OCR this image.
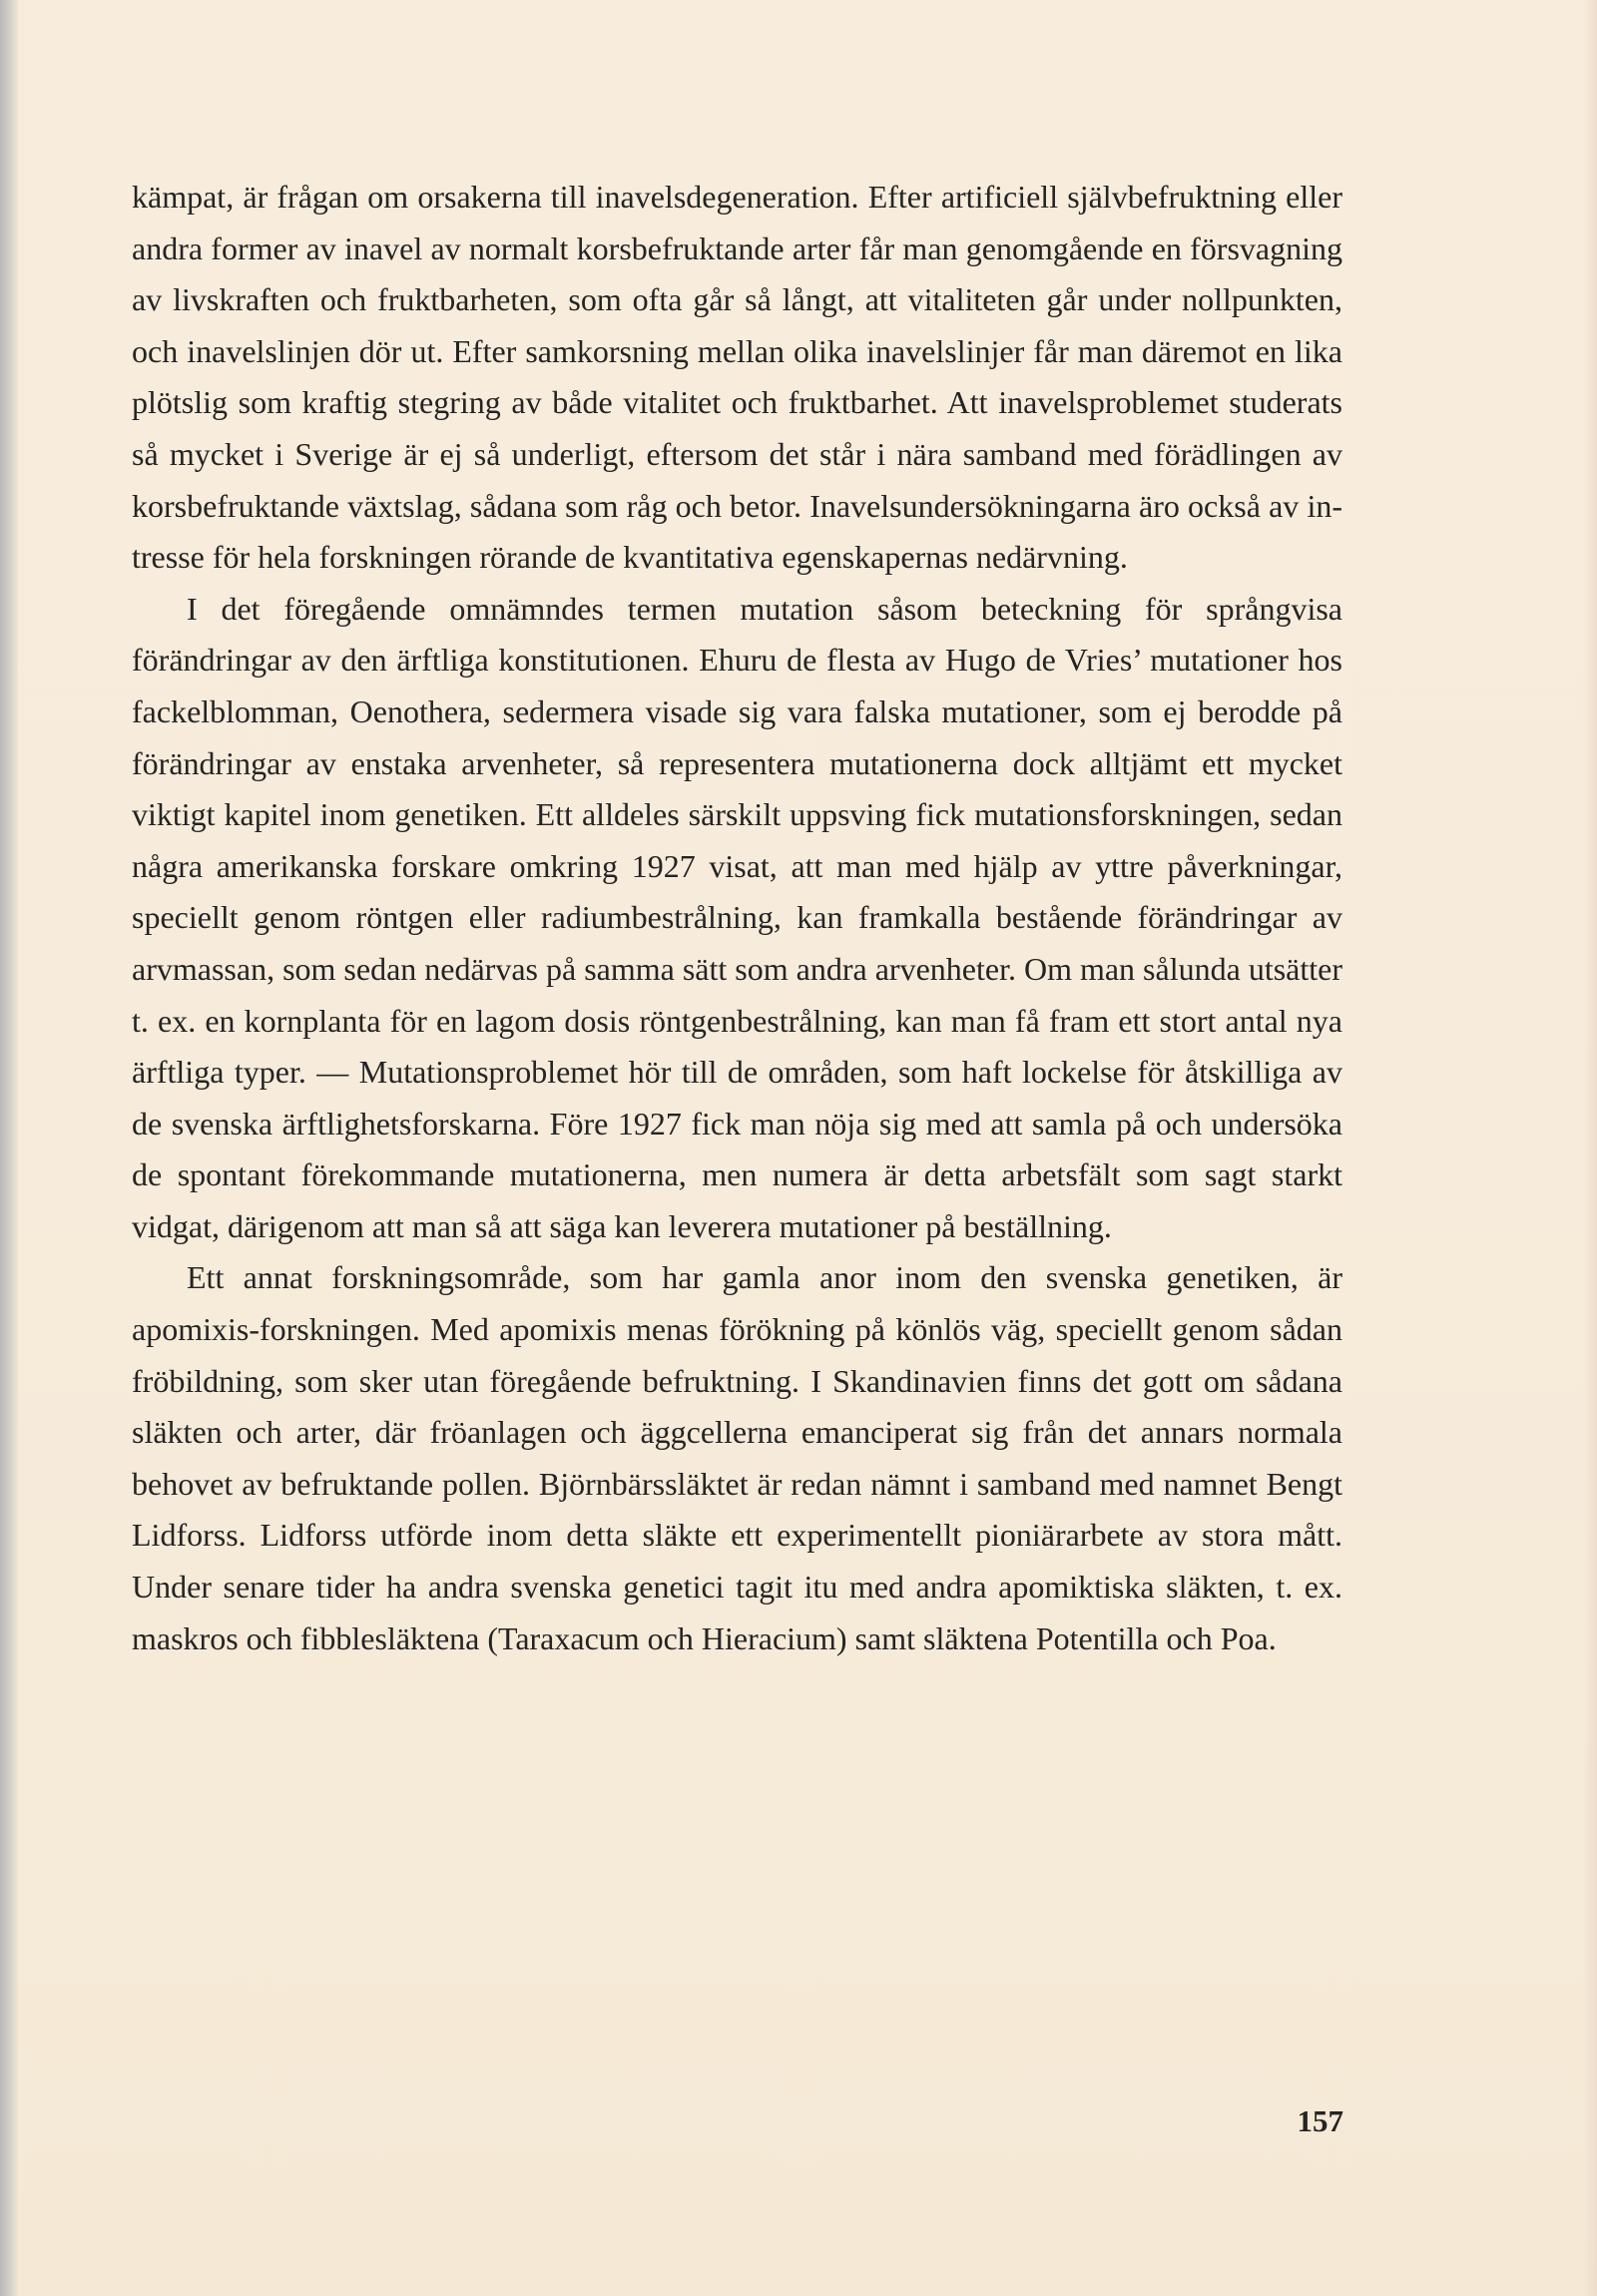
kämpat, är frågan om orsakerna till inavelsdegeneration. Efter artificiell självbefruktning eller andra former av inavel av normalt korsbefruktande arter får man genomgående en försvagning av livskraften och fruktbarheten, som ofta går så långt, att vitaliteten går under nollpunkten, och inavelslinjen dör ut. Efter samkorsning mellan olika inavelslinjer får man däremot en lika plötslig som kraftig stegring av både vitalitet och fruktbarhet. Att inavelsproblemet studerats så mycket i Sverige är ej så underligt, eftersom det står i nära samband med förädlingen av korsbefruktande växtslag, sådana som råg och betor. Inavelsundersökningarna äro också av intresse för hela forskningen rörande de kvantitativa egenskapernas nedärvning.

I det föregående omnämndes termen mutation såsom beteckning för språngvisa förändringar av den ärftliga konstitutionen. Ehuru de flesta av Hugo de Vries’ mutationer hos fackelblomman, Oenothera, sedermera visade sig vara falska mutationer, som ej berodde på förändringar av enstaka arvenheter, så representera mutationerna dock alltjämt ett mycket viktigt kapitel inom genetiken. Ett alldeles särskilt uppsving fick mutationsforskningen, sedan några amerikanska forskare omkring 1927 visat, att man med hjälp av yttre påverkningar, speciellt genom röntgen eller radiumbestrålning, kan framkalla bestående förändringar av arvmassan, som sedan nedärvas på samma sätt som andra arvenheter. Om man sålunda utsätter t. ex. en kornplanta för en lagom dosis röntgenbestrålning, kan man få fram ett stort antal nya ärftliga typer. — Mutationsproblemet hör till de områden, som haft lockelse för åtskilliga av de svenska ärftlighetsforskarna. Före 1927 fick man nöja sig med att samla på och undersöka de spontant förekommande mutationerna, men numera är detta arbetsfält som sagt starkt vidgat, därigenom att man så att säga kan leverera mutationer på beställning.

Ett annat forskningsområde, som har gamla anor inom den svenska genetiken, är apomixis-forskningen. Med apomixis menas förökning på könlös väg, speciellt genom sådan fröbildning, som sker utan föregående befruktning. I Skandinavien finns det gott om sådana släkten och arter, där fröanlagen och äggcellerna emanciperat sig från det annars normala behovet av befruktande pollen. Björnbärssläktet är redan nämnt i samband med namnet Bengt Lidforss. Lidforss utförde inom detta släkte ett experimentellt pioniärarbete av stora mått. Under senare tider ha andra svenska genetici tagit itu med andra apomiktiska släkten, t. ex. maskros och fibblesläktena (Taraxacum och Hieracium) samt släktena Potentilla och Poa.

157
